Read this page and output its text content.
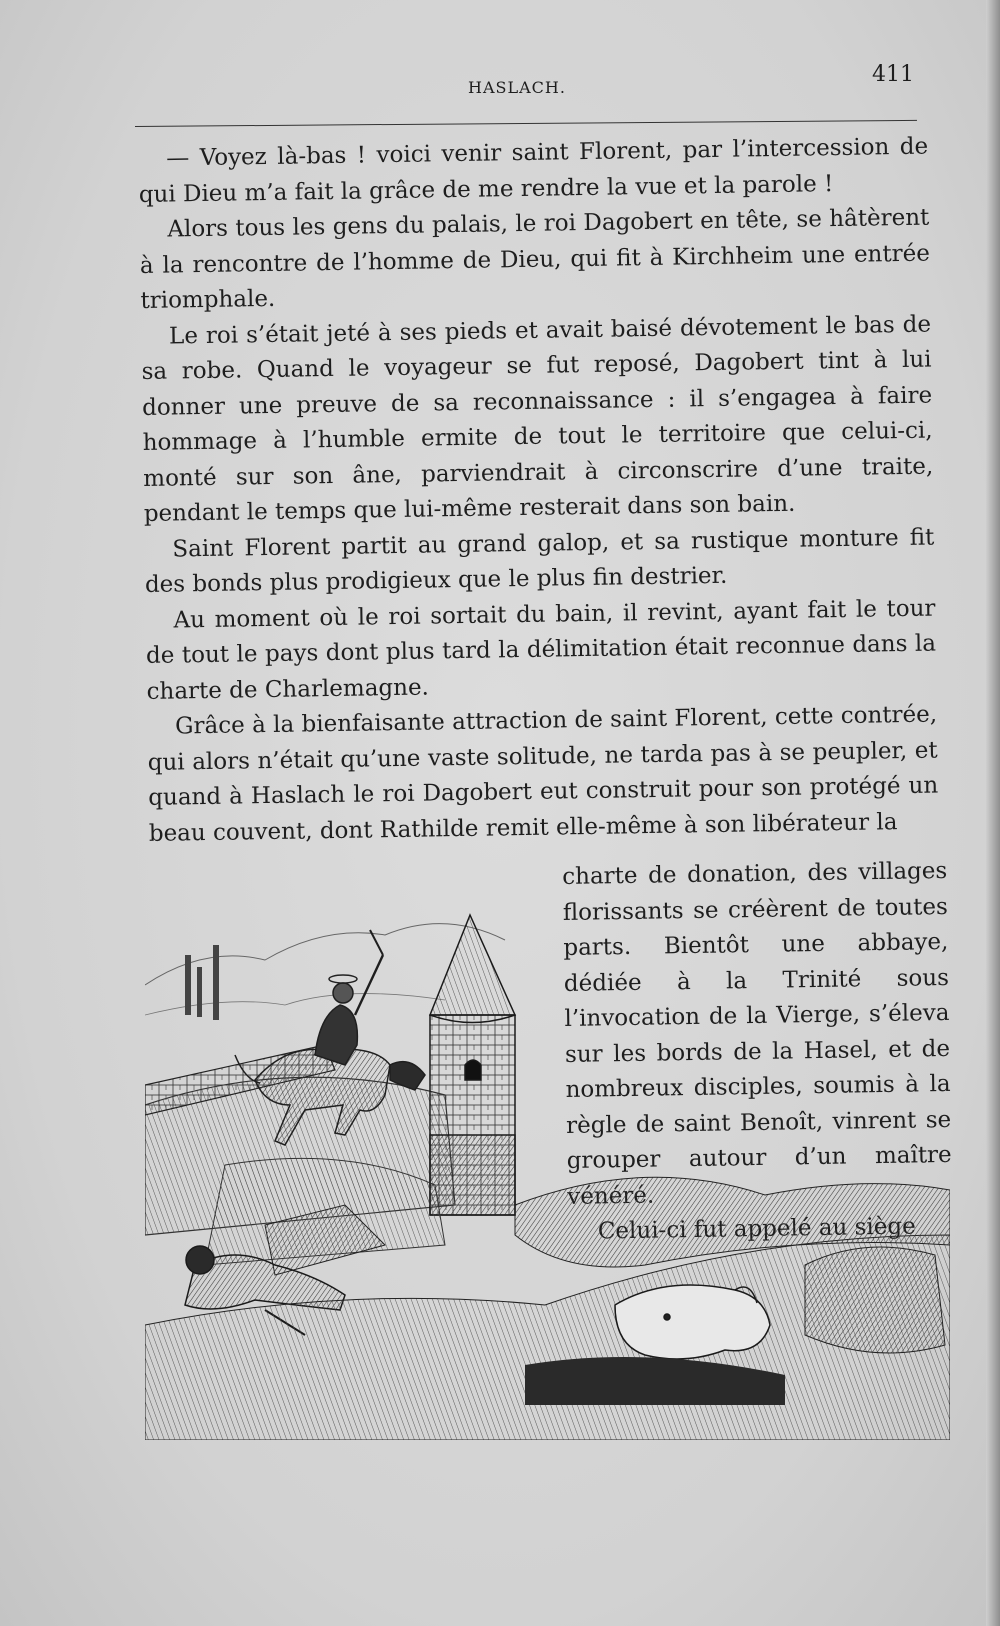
HASLACH.
411

— Voyez là-bas ! voici venir saint Florent, par l’intercession de qui Dieu m’a fait la grâce de me rendre la vue et la parole !

Alors tous les gens du palais, le roi Dagobert en tête, se hâtèrent à la rencontre de l’homme de Dieu, qui fit à Kirchheim une entrée triomphale.

Le roi s’était jeté à ses pieds et avait baisé dévotement le bas de sa robe. Quand le voyageur se fut reposé, Dagobert tint à lui donner une preuve de sa reconnaissance : il s’engagea à faire hommage à l’humble ermite de tout le territoire que celui-ci, monté sur son âne, parviendrait à circonscrire d’une traite, pendant le temps que lui-même resterait dans son bain.

Saint Florent partit au grand galop, et sa rustique monture fit des bonds plus prodigieux que le plus fin destrier.

Au moment où le roi sortait du bain, il revint, ayant fait le tour de tout le pays dont plus tard la délimitation était reconnue dans la charte de Charlemagne.

Grâce à la bienfaisante attraction de saint Florent, cette contrée, qui alors n’était qu’une vaste solitude, ne tarda pas à se peupler, et quand à Haslach le roi Dagobert eut construit pour son protégé un beau couvent, dont Rathilde remit elle-même à son libérateur la

charte de donation, des villages florissants se créèrent de toutes parts. Bientôt une abbaye, dédiée à la Trinité sous l’invocation de la Vierge, s’éleva sur les bords de la Hasel, et de nombreux disciples, soumis à la règle de saint Benoît, vinrent se grouper autour d’un maître
